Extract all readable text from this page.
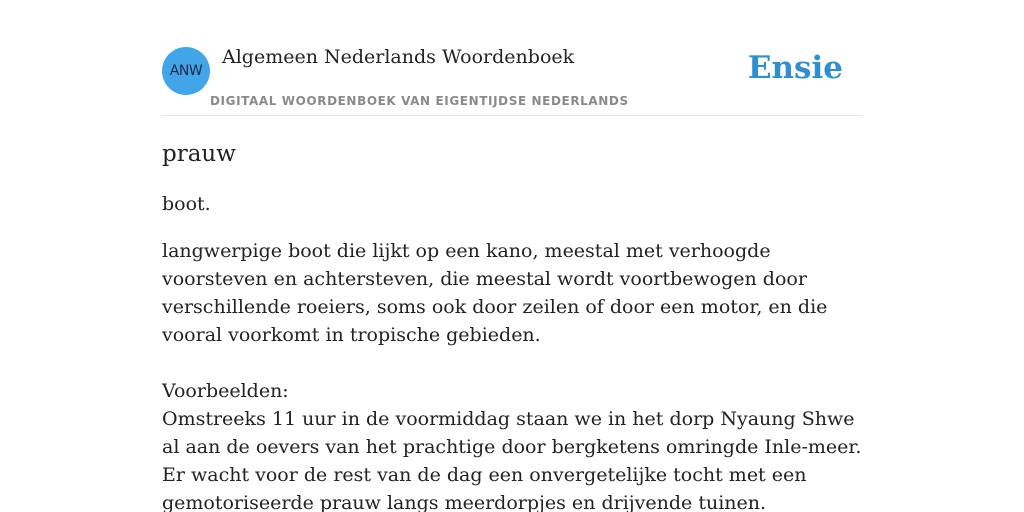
ANW
Algemeen Nederlands Woordenboek
DIGITAAL WOORDENBOEK VAN EIGENTIJDSE NEDERLANDS
Ensie
prauw

boot.

langwerpige boot die lijkt op een kano, meestal met verhoogde voorsteven en achtersteven, die meestal wordt voortbewogen door verschillende roeiers, soms ook door zeilen of door een motor, en die vooral voorkomt in tropische gebieden.

Voorbeelden:

Omstreeks 11 uur in de voormiddag staan we in het dorp Nyaung Shwe al aan de oevers van het prachtige door bergketens omringde Inle-meer. Er wacht voor de rest van de dag een onvergetelijke tocht met een gemotoriseerde prauw langs meerdorpjes en drijvende tuinen.
